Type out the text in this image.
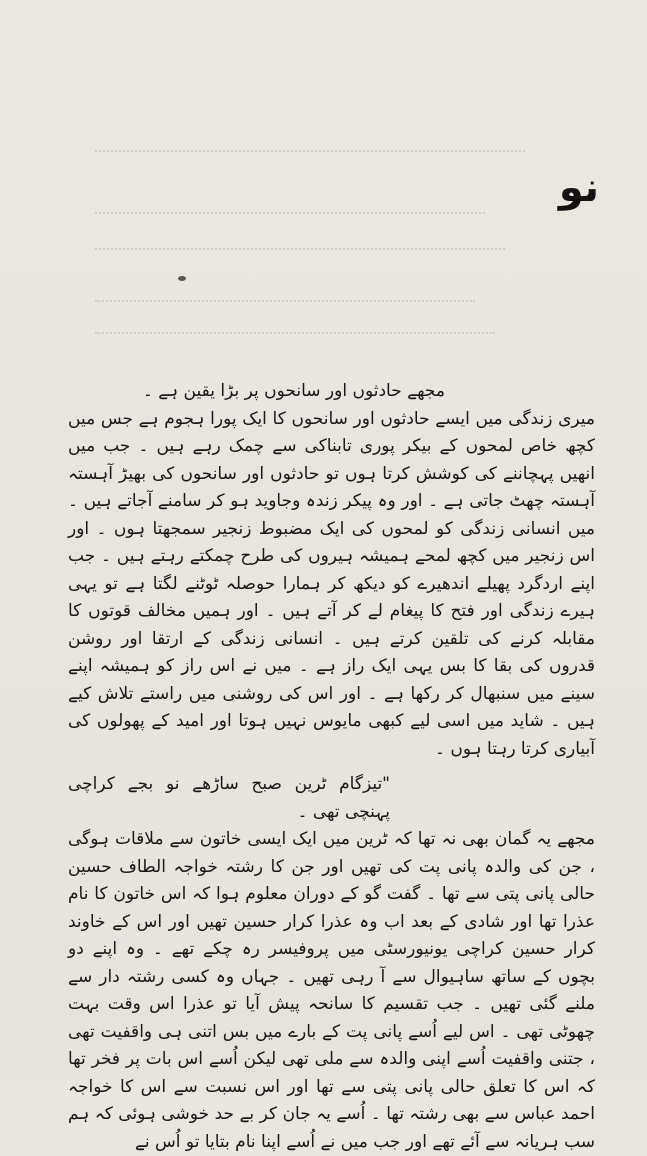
نو

مجھے حادثوں اور سانحوں پر بڑا یقین ہے ۔

میری زندگی میں ایسے حادثوں اور سانحوں کا ایک پورا ہجوم ہے جس میں کچھ خاص لمحوں کے بیکر پوری تابناکی سے چمک رہے ہیں ۔ جب میں انھیں پہچاننے کی کوشش کرتا ہوں تو حادثوں اور سانحوں کی بھیڑ آہستہ آہستہ چھٹ جاتی ہے ۔ اور وہ پیکر زندہ وجاوید ہو کر سامنے آجاتے ہیں ۔ میں انسانی زندگی کو لمحوں کی ایک مضبوط زنجیر سمجھتا ہوں ۔ اور اس زنجیر میں کچھ لمحے ہمیشہ ہیروں کی طرح چمکتے رہتے ہیں ۔ جب اپنے اردگرد پھیلے اندھیرے کو دیکھ کر ہمارا حوصلہ ٹوٹنے لگتا ہے تو یہی ہیرے زندگی اور فتح کا پیغام لے کر آتے ہیں ۔ اور ہمیں مخالف قوتوں کا مقابلہ کرنے کی تلقین کرتے ہیں ۔ انسانی زندگی کے ارتقا اور روشن قدروں کی بقا کا بس یہی ایک راز ہے ۔ میں نے اس راز کو ہمیشہ اپنے سینے میں سنبھال کر رکھا ہے ۔ اور اس کی روشنی میں راستے تلاش کیے ہیں ۔ شاید میں اسی لیے کبھی مایوس نہیں ہوتا اور امید کے پھولوں کی آبیاری کرتا رہتا ہوں ۔

"تیزگام ٹرین صبح ساڑھے نو بجے کراچی پہنچی تھی ۔

مجھے یہ گمان بھی نہ تھا کہ ٹرین میں ایک ایسی خاتون سے ملاقات ہوگی ، جن کی والدہ پانی پت کی تھیں اور جن کا رشتہ خواجہ الطاف حسین حالی پانی پتی سے تھا ۔ گفت گو کے دوران معلوم ہوا کہ اس خاتون کا نام عذرا تھا اور شادی کے بعد اب وہ عذرا کرار حسین تھیں اور اس کے خاوند کرار حسین کراچی یونیورسٹی میں پروفیسر رہ چکے تھے ۔ وہ اپنے دو بچوں کے ساتھ ساہیوال سے آ رہی تھیں ۔ جہاں وہ کسی رشتہ دار سے ملنے گئی تھیں ۔ جب تقسیم کا سانحہ پیش آیا تو عذرا اس وقت بہت چھوٹی تھی ۔ اس لیے اُسے پانی پت کے بارے میں بس اتنی ہی واقفیت تھی ، جتنی واقفیت اُسے اپنی والدہ سے ملی تھی لیکن اُسے اس بات پر فخر تھا کہ اس کا تعلق حالی پانی پتی سے تھا اور اس نسبت سے اس کا خواجہ احمد عباس سے بھی رشتہ تھا ۔ اُسے یہ جان کر بے حد خوشی ہوئی کہ ہم سب ہریانہ سے آئے تھے اور جب میں نے اُسے اپنا نام بتایا تو اُس نے
